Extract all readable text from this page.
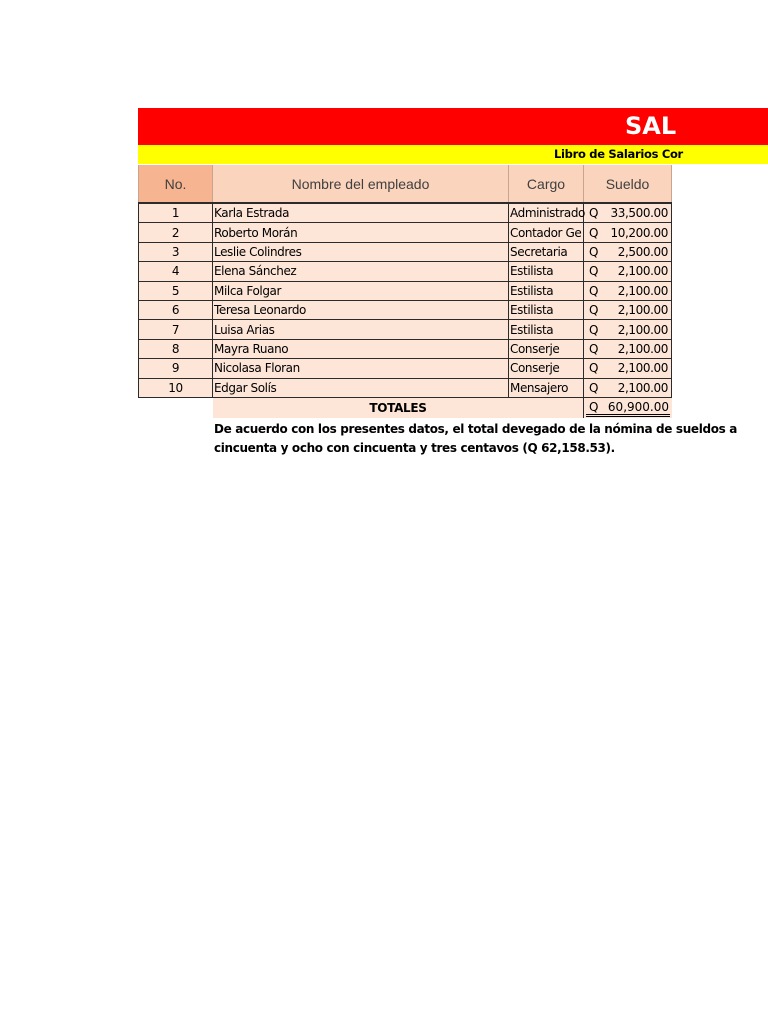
SAL
Libro de Salarios Cor
No.	Nombre del empleado	Cargo	Sueldo
1	Karla Estrada	Administrado Q 33,500.00
2	Roberto Morán	Contador Ge Q 10,200.00
3	Leslie Colindres	Secretaria	Q 2,500.00
4	Elena Sánchez	Estilista	Q 2,100.00
5	Milca Folgar	Estilista	Q 2,100.00
6	Teresa Leonardo	Estilista	Q 2,100.00
7	Luisa Arias	Estilista	Q 2,100.00
8	Mayra Ruano	Conserje	Q 2,100.00
9	Nicolasa Floran	Conserje	Q 2,100.00
10	Edgar Solís	Mensajero	Q 2,100.00
TOTALES	Q 60,900.00
De acuerdo con los presentes datos, el total devegado de la nómina de sueldos a
cincuenta y ocho con cincuenta y tres centavos (Q 62,158.53).
